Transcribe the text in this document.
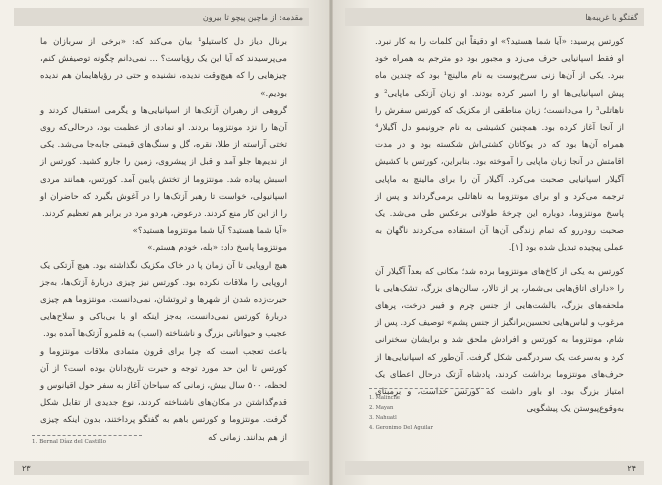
مقدمه: از ماچین پیچو تا بیرون

برنال دیاز دل کاستیلو¹ بیان می‌کند که: «برخی از سربازان ما می‌پرسیدند که آیا این یک رؤیاست؟ ... نمی‌دانم چگونه توصیفش کنم، چیزهایی را که هیچ‌وقت ندیده، نشنیده و حتی در رؤیاهایمان هم ندیده بودیم.»

گروهی از رهبران آزتک‌ها از اسپانیایی‌ها و یگرمی استقبال کردند و آن‌ها را نزد مونتزوما بردند. او نمادی از عظمت بود، درحالی‌که روی تختی آراسته از طلا، نقره، گل و سنگ‌های قیمتی جابه‌جا می‌شد. یکی از ندیم‌ها جلو آمد و قبل از پیشروی، زمین را جارو کشید. کورتس از اسبش پیاده شد. مونتزوما از تختش پایین آمد. کورتس، همانند مردی اسپانیولی، خواست تا رهبر آزتک‌ها را در آغوش بگیرد که حاضران او را از این کار منع کردند. درعوض، هردو مرد در برابر هم تعظیم کردند.

«آیا شما هستید؟ آیا شما مونتزوما هستید؟»

مونتزوما پاسخ داد: «بله، خودم هستم.»

هیچ اروپایی تا آن زمان پا در خاک مکزیک نگذاشته بود. هیچ آزتکی یک اروپایی را ملاقات نکرده بود. کورتس نیز چیزی دربارهٔ آزتک‌ها، به‌جز حیرت‌زده شدن از شهرها و ثروتشان، نمی‌دانست. مونتزوما هم چیزی دربارهٔ کورتس نمی‌دانست، به‌جز اینکه او با بی‌باکی و سلاح‌هایی عجیب و حیواناتی بزرگ و ناشناخته (اسب) به قلمرو آزتک‌ها آمده بود.

باعث تعجب است که چرا برای قرون متمادی ملاقات مونتزوما و کورتس تا این حد مورد توجه و حیرت تاریخ‌دانان بوده است؟ از آن لحظه، ۵۰۰ سال بیش، زمانی که سیاحان آغاز به سفر حول اقیانوس و قدم‌گذاشتن در مکان‌های ناشناخته کردند، نوع جدیدی از تقابل شکل گرفت. مونتزوما و کورتس باهم به گفتگو پرداختند، بدون اینکه چیزی از هم بدانند. زمانی که

1. Bernal Díaz del Castillo
۲۳
گفتگو با غریبه‌ها

کورتس پرسید: «آیا شما هستید؟» او دقیقاً این کلمات را به کار نبرد. او فقط اسپانیایی حرف می‌زد و مجبور بود دو مترجم به همراه خود ببرد. یکی از آن‌ها زنی سرخ‌پوست به نام مالینچ¹ بود که چندین ماه پیش اسپانیایی‌ها او را اسیر کرده بودند. او زبان آزتکی ماپایی² و ناهاتلی³ را می‌دانست؛ زبان مناطقی از مکزیک که کورتس سفرش را از آنجا آغاز کرده بود. همچنین کشیشی به نام جرونیمو دل آگیلار⁴ همراه آن‌ها بود که در یوکاتان کشتی‌اش شکسته بود و در مدت اقامتش در آنجا زبان ماپایی را آموخته بود. بنابراین، کورتس با کشیش آگیلار اسپانیایی صحبت می‌کرد. آگیلار آن را برای مالینچ به ماپایی ترجمه می‌کرد و او برای مونتزوما به ناهاتلی برمی‌گرداند و پس از پاسخ مونتزوما، دوباره این چرخهٔ طولانی برعکس طی می‌شد. یک صحبت رودررو که تمام زندگی آن‌ها آن استفاده می‌کردند ناگهان به عملی پیچیده تبدیل شده بود [۱].

کورتس به یکی از کاخ‌های مونتزوما برده شد؛ مکانی که بعداً آگیلار آن را «دارای اتاق‌هایی بی‌شمار، پر از تالار، سالن‌های بزرگ، تشک‌هایی با ملحفه‌های بزرگ، بالشت‌هایی از جنس چرم و فیبر درخت، پرهای مرغوب و لباس‌هایی تحسین‌برانگیز از جنس پشم» توصیف کرد. پس از شام، مونتزوما به کورتس و افرادش ملحق شد و برایشان سخنرانی کرد و به‌سرعت یک سردرگمی شکل گرفت. آن‌طور که اسپانیایی‌ها از حرف‌های مونتزوما برداشت کردند، پادشاه آزتک درحال اعطای یک امتیاز بزرگ بود. او باور داشت که کورتس خداست، و برمبنای به‌وقوع‌پیوستن یک پیشگویی

1. Malinche
2. Mayan
3. Nahuatl
4. Geronimo Del Aguilar
۲۴
